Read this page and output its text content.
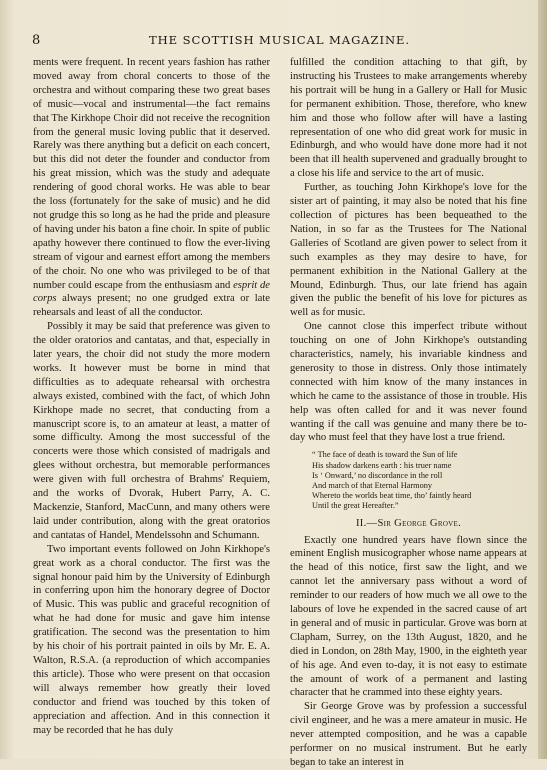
8	THE SCOTTISH MUSICAL MAGAZINE.

ments were frequent. In recent years fashion has rather moved away from choral concerts to those of the orchestra and without comparing these two great bases of music—vocal and instrumental—the fact remains that The Kirkhope Choir did not receive the recognition from the general music loving public that it deserved. Rarely was there anything but a deficit on each concert, but this did not deter the founder and conductor from his great mission, which was the study and adequate rendering of good choral works. He was able to bear the loss (fortunately for the sake of music) and he did not grudge this so long as he had the pride and pleasure of having under his baton a fine choir. In spite of public apathy however there continued to flow the ever-living stream of vigour and earnest effort among the members of the choir. No one who was privileged to be of that number could escape from the enthusiasm and esprit de corps always present; no one grudged extra or late rehearsals and least of all the conductor.

Possibly it may be said that preference was given to the older oratorios and cantatas, and that, especially in later years, the choir did not study the more modern works. It however must be borne in mind that difficulties as to adequate rehearsal with orchestra always existed, combined with the fact, of which John Kirkhope made no secret, that conducting from a manuscript score is, to an amateur at least, a matter of some difficulty. Among the most successful of the concerts were those which consisted of madrigals and glees without orchestra, but memorable performances were given with full orchestra of Brahms' Requiem, and the works of Dvorak, Hubert Parry, A. C. Mackenzie, Stanford, MacCunn, and many others were laid under contribution, along with the great oratorios and cantatas of Handel, Mendelssohn and Schumann.

Two important events followed on John Kirkhope's great work as a choral conductor. The first was the signal honour paid him by the University of Edinburgh in conferring upon him the honorary degree of Doctor of Music. This was public and graceful recognition of what he had done for music and gave him intense gratification. The second was the presentation to him by his choir of his portrait painted in oils by Mr. E. A. Walton, R.S.A. (a reproduction of which accompanies this article). Those who were present on that occasion will always remember how greatly their loved conductor and friend was touched by this token of appreciation and affection. And in this connection it may be recorded that he has duly

fulfilled the condition attaching to that gift, by instructing his Trustees to make arrangements whereby his portrait will be hung in a Gallery or Hall for Music for permanent exhibition. Those, therefore, who knew him and those who follow after will have a lasting representation of one who did great work for music in Edinburgh, and who would have done more had it not been that ill health supervened and gradually brought to a close his life and service to the art of music.

Further, as touching John Kirkhope's love for the sister art of painting, it may also be noted that his fine collection of pictures has been bequeathed to the Nation, in so far as the Trustees for The National Galleries of Scotland are given power to select from it such examples as they may desire to have, for permanent exhibition in the National Gallery at the Mound, Edinburgh. Thus, our late friend has again given the public the benefit of his love for pictures as well as for music.

One cannot close this imperfect tribute without touching on one of John Kirkhope's outstanding characteristics, namely, his invariable kindness and generosity to those in distress. Only those intimately connected with him know of the many instances in which he came to the assistance of those in trouble. His help was often called for and it was never found wanting if the call was genuine and many there be to-day who must feel that they have lost a true friend.

“ The face of death is toward the Sun of life
His shadow darkens earth : his truer name
Is ‘ Onward,’ no discordance in the roll
And march of that Eternal Harmony
Whereto the worlds beat time, tho’ faintly heard
Until the great Hereafter.”
II.—Sir George Grove.

Exactly one hundred years have flown since the eminent English musicographer whose name appears at the head of this notice, first saw the light, and we cannot let the anniversary pass without a word of reminder to our readers of how much we all owe to the labours of love he expended in the sacred cause of art in general and of music in particular. Grove was born at Clapham, Surrey, on the 13th August, 1820, and he died in London, on 28th May, 1900, in the eighteth year of his age. And even to-day, it is not easy to estimate the amount of work of a permanent and lasting character that he crammed into these eighty years.

Sir George Grove was by profession a successful civil engineer, and he was a mere amateur in music. He never attempted composition, and he was a capable performer on no musical instrument. But he early began to take an interest in
